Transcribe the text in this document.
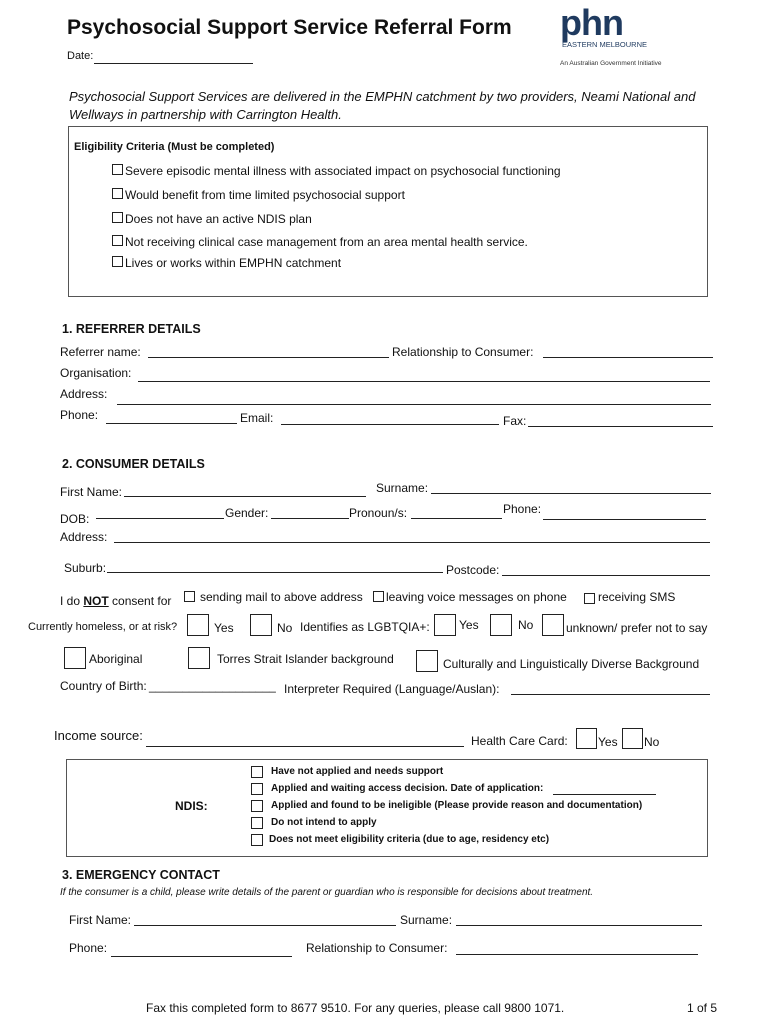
Psychosocial Support Service Referral Form
Date:
phn
EASTERN MELBOURNE
An Australian Government Initiative
Psychosocial Support Services are delivered in the EMPHN catchment by two providers, Neami National and Wellways in partnership with Carrington Health.
Eligibility Criteria (Must be completed)
Severe episodic mental illness with associated impact on psychosocial functioning
Would benefit from time limited psychosocial support
Does not have an active NDIS plan
Not receiving clinical case management from an area mental health service.
Lives or works within EMPHN catchment
1. REFERRER DETAILS
Referrer name:	Relationship to Consumer:
Organisation:
Address:
Phone:	Email:	Fax:
2. CONSUMER DETAILS
First Name:	Surname:
DOB:	Gender:	Pronoun/s:	Phone:
Address:
Suburb:	Postcode:
I do NOT consent for sending mail to above address leaving voice messages on phone	receiving SMS
Currently homeless, or at risk?	Yes	No Identifies as LGBTQIA+: Yes	No	unknown/ prefer not to say
Aboriginal	Torres Strait Islander background	Culturally and Linguistically Diverse Background
Country of Birth: ___________________ Interpreter Required (Language/Auslan):
Income source:	Health Care Card:	Yes No
NDIS:
Have not applied and needs support
Applied and waiting access decision. Date of application:
Applied and found to be ineligible (Please provide reason and documentation)
Do not intend to apply
Does not meet eligibility criteria (due to age, residency etc)
3. EMERGENCY CONTACT
If the consumer is a child, please write details of the parent or guardian who is responsible for decisions about treatment.
First Name:	Surname:
Phone:	Relationship to Consumer:
Fax this completed form to 8677 9510. For any queries, please call 9800 1071.	1 of 5
